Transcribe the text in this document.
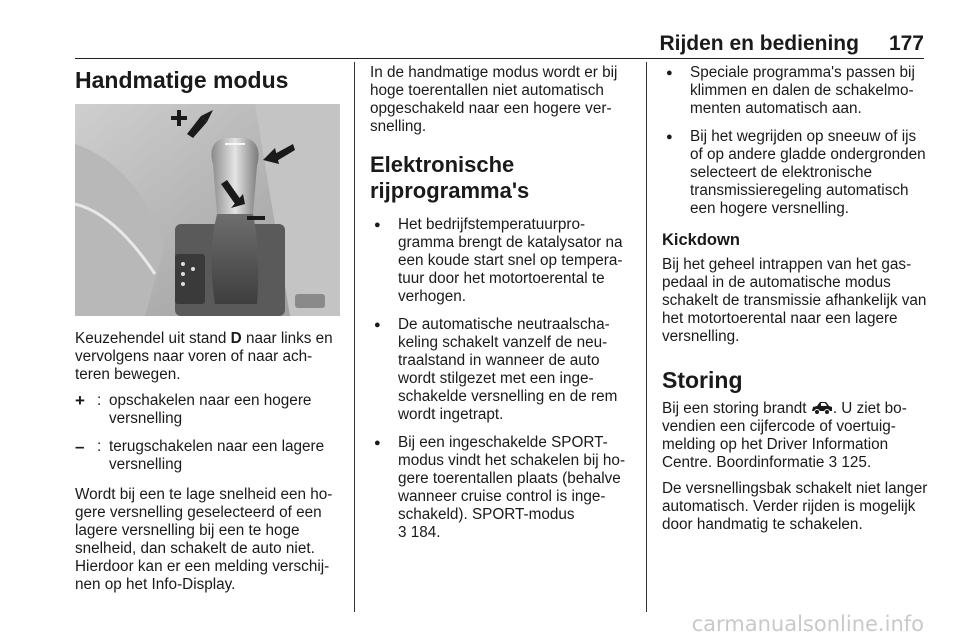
Rijden en bediening 177
Handmatige modus

Keuzehendel uit stand D naar links en vervolgens naar voren of naar achteren bewegen.

+ : opschakelen naar een hogere versnelling
– : terugschakelen naar een lagere versnelling

Wordt bij een te lage snelheid een hogere versnelling geselecteerd of een lagere versnelling bij een te hoge snelheid, dan schakelt de auto niet. Hierdoor kan er een melding verschijnen op het Info-Display.

In de handmatige modus wordt er bij hoge toerentallen niet automatisch opgeschakeld naar een hogere versnelling.

Elektronische rijprogramma's
● Het bedrijfstemperatuurprogramma brengt de katalysator na een koude start snel op temperatuur door het motortoerental te verhogen.
● De automatische neutraalschakeling schakelt vanzelf de neutraalstand in wanneer de auto wordt stilgezet met een ingeschakelde versnelling en de rem wordt ingetrapt.
● Bij een ingeschakelde SPORT-modus vindt het schakelen bij hogere toerentallen plaats (behalve wanneer cruise control is ingeschakeld). SPORT-modus
3 184.
● Speciale programma's passen bij klimmen en dalen de schakelmomenten automatisch aan.
● Bij het wegrijden op sneeuw of ijs of op andere gladde ondergronden selecteert de elektronische transmissieregeling automatisch een hogere versnelling.
Kickdown

Bij het geheel intrappen van het gaspedaal in de automatische modus schakelt de transmissie afhankelijk van het motortoerental naar een lagere versnelling.

Storing

Bij een storing brandt . U ziet bovendien een cijfercode of voertuigmelding op het Driver Information Centre. Boordinformatie 3 125.

De versnellingsbak schakelt niet langer automatisch. Verder rijden is mogelijk door handmatig te schakelen.

carmanualsonline.info
